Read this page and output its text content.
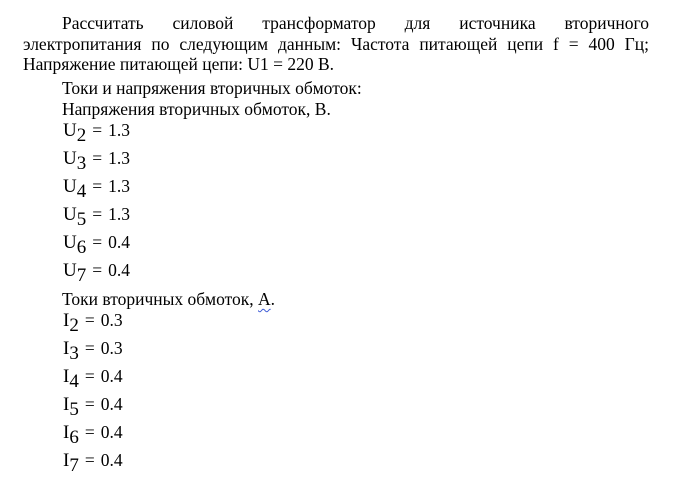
Рассчитать силовой трансформатор для источника вторичного
электропитания по следующим данным: Частота питающей цепи f = 400 Гц;
Напряжение питающей цепи: U1 = 220 В.
Токи и напряжения вторичных обмоток:
Напряжения вторичных обмоток, В.
U2 = 1.3
U3 = 1.3
U4 = 1.3
U5 = 1.3
U6 = 0.4
U7 = 0.4
Токи вторичных обмоток, А.
I2 = 0.3
I3 = 0.3
I4 = 0.4
I5 = 0.4
I6 = 0.4
I7 = 0.4
